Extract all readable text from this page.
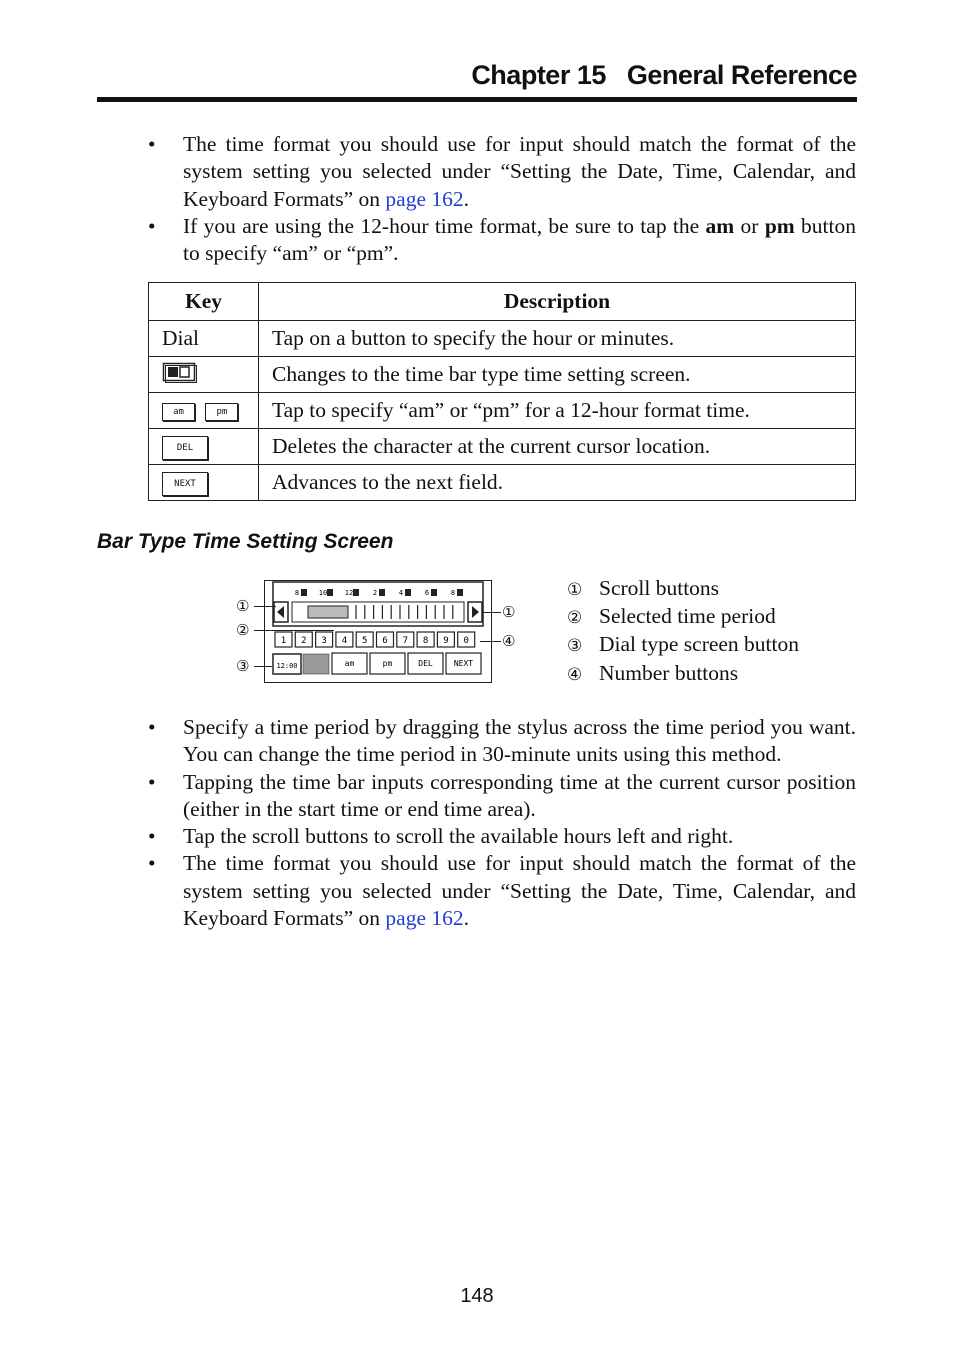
Chapter 15   General Reference
• The time format you should use for input should match the format of the system setting you selected under “Setting the Date, Time, Calendar, and Keyboard Formats” on page 162.
• If you are using the 12-hour time format, be sure to tap the am or pm button to specify “am” or “pm”.
Key	Description
Dial	Tap on a button to specify the hour or minutes.
	Changes to the time bar type time setting screen.
am pm	Tap to specify “am” or “pm” for a 12-hour format time.
DEL	Deletes the character at the current cursor location.
NEXT	Advances to the next field.
Bar Type Time Setting Screen
8	10	12	2	4	6	8
1 2 3 4 5 6 7 8 9 0
12:00	am	pm	DEL	NEXT
①
②
③
①
④
① Scroll buttons
② Selected time period
③ Dial type screen button
④ Number buttons
• Specify a time period by dragging the stylus across the time period you want. You can change the time period in 30-minute units using this method.
• Tapping the time bar inputs corresponding time at the current cursor position (either in the start time or end time area).
• Tap the scroll buttons to scroll the available hours left and right.
• The time format you should use for input should match the format of the system setting you selected under “Setting the Date, Time, Calendar, and Keyboard Formats” on page 162.
148
